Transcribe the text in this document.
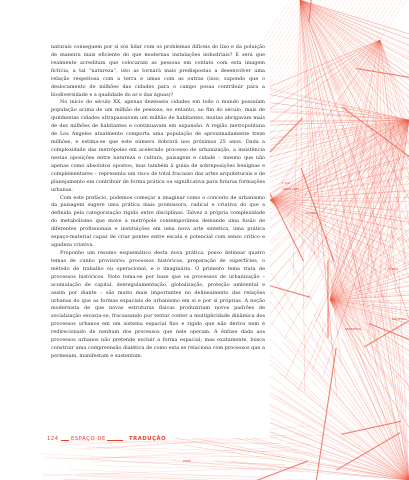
naturais conseguem por si sós lidar com os problemas difíceis do lixo e da poluição de maneira mais eficiente do que modernas instalações industriais? E será que realmente acreditam que colocaram as pessoas em contato com esta imagem fictícia, a tal “natureza”, isto as tornará mais predispostas a desenvolver uma relação respeitosa com a terra e umas com as outras (isso, supondo que o deslocamento de milhões das cidades para o campo possa contribuir para a biodiversidade e a qualidade do ar e das águas)?

No início do século XX, apenas dezesseis cidades em todo o mundo possuíam população acima de um milhão de pessoas; no entanto, ao fim do século, mais de quinhentas cidades ultrapassavam um milhão de habitantes, muitas abrigavam mais de dez milhões de habitantes e continuavam em expansão. A região metropolitana de Los Angeles atualmente comporta uma população de aproximadamente treze milhões, e estima-se que este número dobrará nos próximos 25 anos. Dada a complexidade das metrópoles em acelerado processo de urbanização, a insistência nestas oposições entre natureza e cultura, paisagem e cidade – mesmo que não apenas como absolutos opostos, mas também à guisa de sobreposições benignas e complementares – representa um risco de total fracasso das artes arquiteturais e de planejamento em contribuir de forma prática ou significativa para futuras formações urbanas.

Com este prefácio, podemos começar a imaginar como o conceito de urbanismo da paisagem sugere uma prática mais promissora, radical e criativa do que a definida pela categorização rígida entre disciplinas. Talvez a própria complexidade do metabolismo que move a metrópole contemporânea demande uma fusão de diferentes profissionais e instituições em uma nova arte sintética, uma prática espaço-material capaz de criar pontes entre escala e potencial com senso crítico e agudeza criativa.

Proponho um resumo esquemático desta nova prática, posso delinear quatro temas de cunho provisório: processos históricos, preparação de superfícies, o método de trabalho ou operacional, e o imaginário. O primeiro tema trata de processos históricos. Note toma-se por base que os processos de urbanização – acumulação de capital, desregulamentação, globalização, proteção ambiental e assim por diante – são muito mais importantes no delineamento das relações urbanas do que as formas espaciais de urbanismo em si e por si próprias. A noção modernista de que novas estruturas físicas produziriam novos padrões de socialização esvaziu-se, fracassando por tentar conter a multiplicidade dinâmica dos processos urbanos em um sistema espacial fixo e rígido que não deriva nem é redirecionado de nenhum dos processos que nele operam. A ênfase dada aos processos urbanos não pretende excluir a forma espacial; mas exatamente, busca construir uma compreensão dialética de como esta se relaciona com processos que a permeiam, manifestam e sustentam.

124 ESPAÇO DE	TRADUÇÃO
1:100
URBAN AREA
HIGHWAY
ZONE B
RESIDENTIAL
INDUSTRIAL
RIVER
